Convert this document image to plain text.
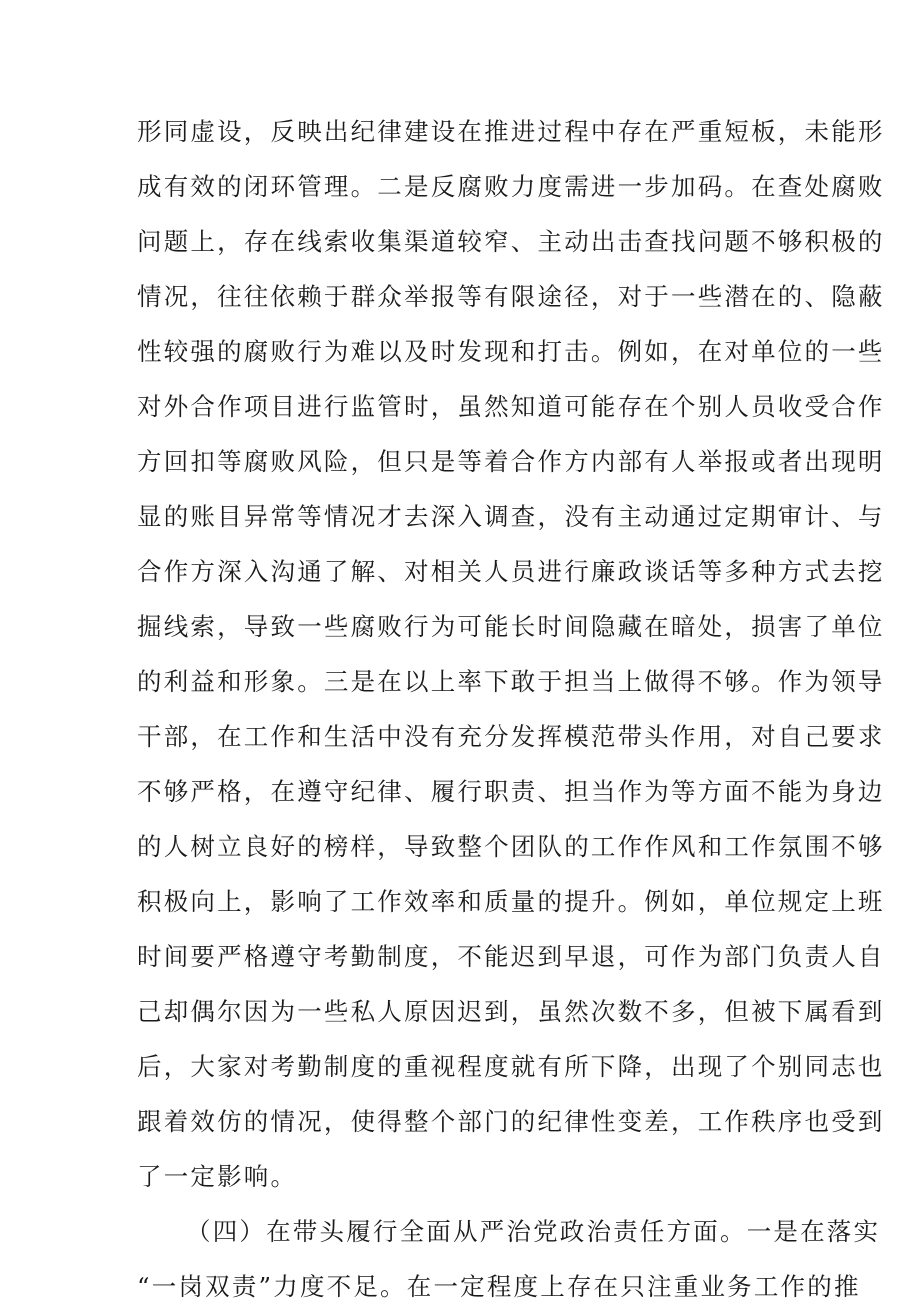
形同虚设，反映出纪律建设在推进过程中存在严重短板，未能形
成有效的闭环管理。二是反腐败力度需进一步加码。在查处腐败
问题上，存在线索收集渠道较窄、主动出击查找问题不够积极的
情况，往往依赖于群众举报等有限途径，对于一些潜在的、隐蔽
性较强的腐败行为难以及时发现和打击。例如，在对单位的一些
对外合作项目进行监管时，虽然知道可能存在个别人员收受合作
方回扣等腐败风险，但只是等着合作方内部有人举报或者出现明
显的账目异常等情况才去深入调查，没有主动通过定期审计、与
合作方深入沟通了解、对相关人员进行廉政谈话等多种方式去挖
掘线索，导致一些腐败行为可能长时间隐藏在暗处，损害了单位
的利益和形象。三是在以上率下敢于担当上做得不够。作为领导
干部，在工作和生活中没有充分发挥模范带头作用，对自己要求
不够严格，在遵守纪律、履行职责、担当作为等方面不能为身边
的人树立良好的榜样，导致整个团队的工作作风和工作氛围不够
积极向上，影响了工作效率和质量的提升。例如，单位规定上班
时间要严格遵守考勤制度，不能迟到早退，可作为部门负责人自
己却偶尔因为一些私人原因迟到，虽然次数不多，但被下属看到
后，大家对考勤制度的重视程度就有所下降，出现了个别同志也
跟着效仿的情况，使得整个部门的纪律性变差，工作秩序也受到
了一定影响。
（四）在带头履行全面从严治党政治责任方面。一是在落实
“一岗双责”力度不足。在一定程度上存在只注重业务工作的推
